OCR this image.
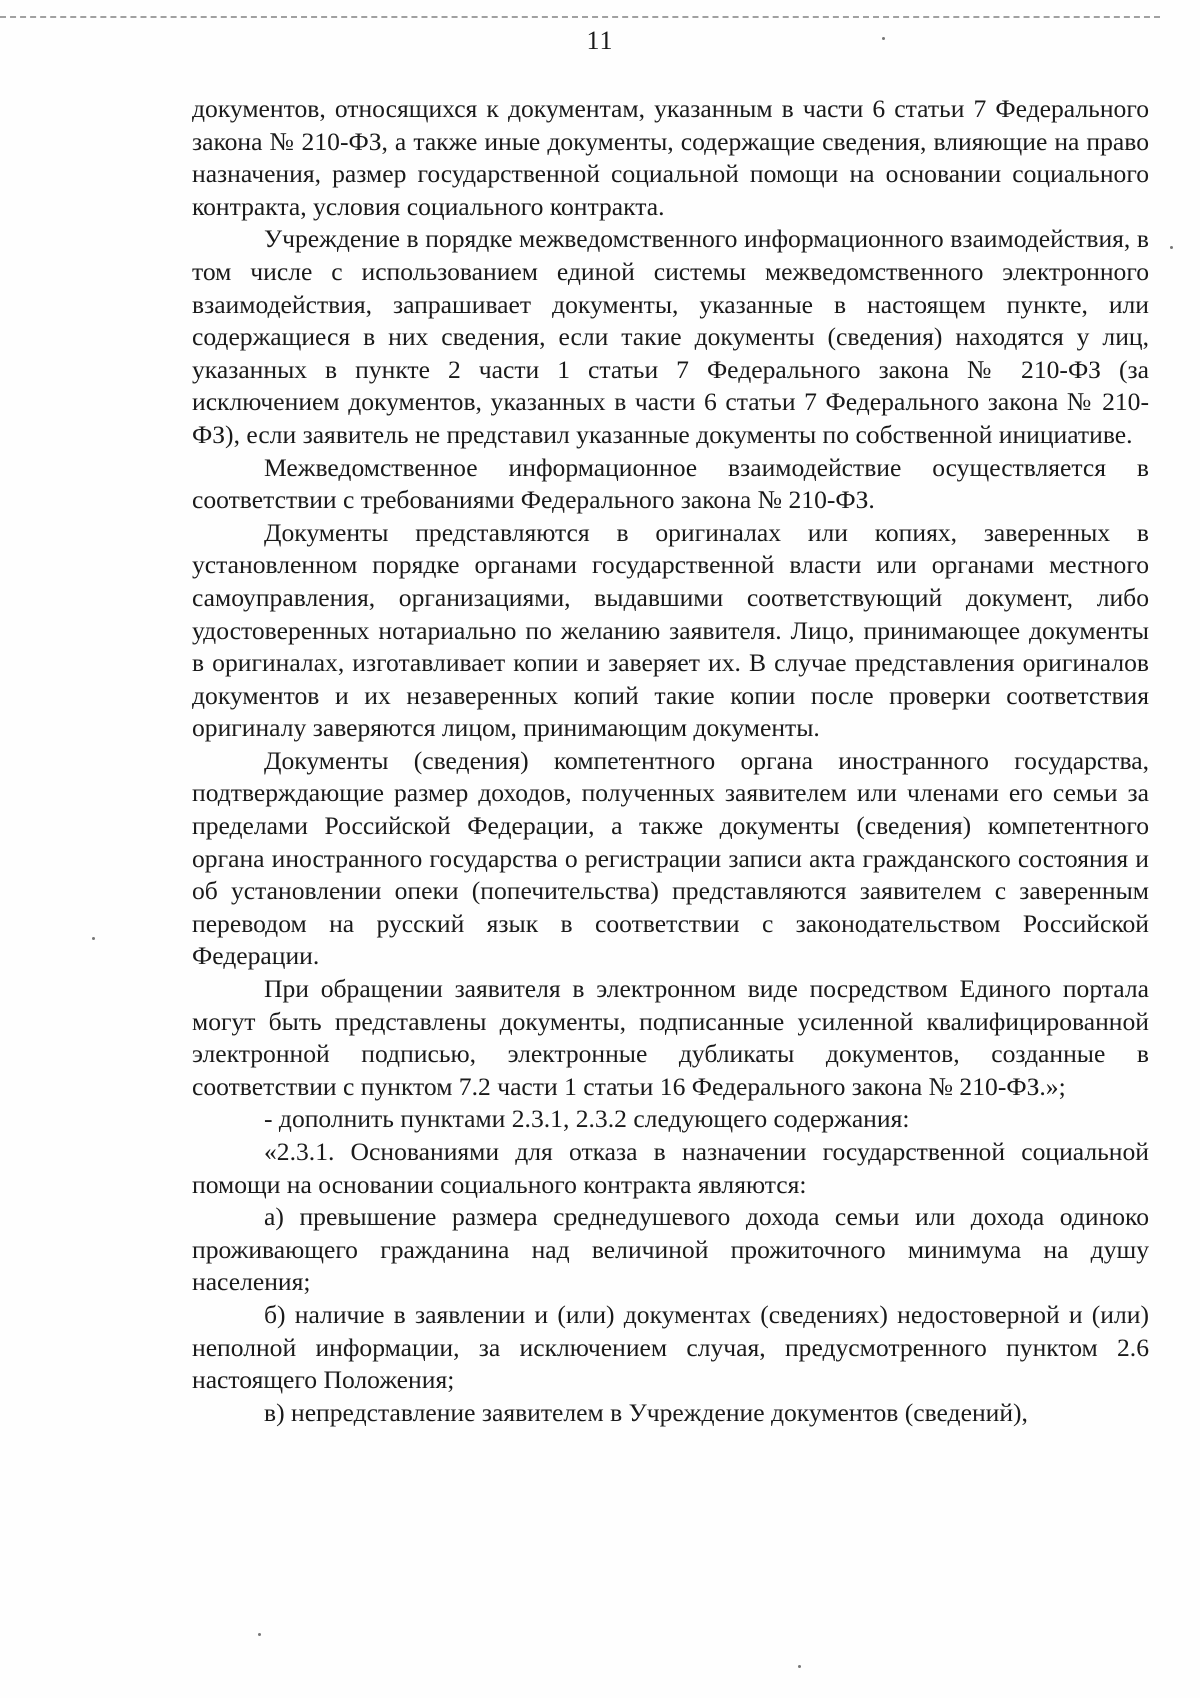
11

документов, относящихся к документам, указанным в части 6 статьи 7 Федерального закона № 210-ФЗ, а также иные документы, содержащие сведения, влияющие на право назначения, размер государственной социальной помощи на основании социального контракта, условия социального контракта.

Учреждение в порядке межведомственного информационного взаимодействия, в том числе с использованием единой системы межведомственного электронного взаимодействия, запрашивает документы, указанные в настоящем пункте, или содержащиеся в них сведения, если такие документы (сведения) находятся у лиц, указанных в пункте 2 части 1 статьи 7 Федерального закона № 210-ФЗ (за исключением документов, указанных в части 6 статьи 7 Федерального закона № 210-ФЗ), если заявитель не представил указанные документы по собственной инициативе.

Межведомственное информационное взаимодействие осуществляется в соответствии с требованиями Федерального закона № 210-ФЗ.

Документы представляются в оригиналах или копиях, заверенных в установленном порядке органами государственной власти или органами местного самоуправления, организациями, выдавшими соответствующий документ, либо удостоверенных нотариально по желанию заявителя. Лицо, принимающее документы в оригиналах, изготавливает копии и заверяет их. В случае представления оригиналов документов и их незаверенных копий такие копии после проверки соответствия оригиналу заверяются лицом, принимающим документы.

Документы (сведения) компетентного органа иностранного государства, подтверждающие размер доходов, полученных заявителем или членами его семьи за пределами Российской Федерации, а также документы (сведения) компетентного органа иностранного государства о регистрации записи акта гражданского состояния и об установлении опеки (попечительства) представляются заявителем с заверенным переводом на русский язык в соответствии с законодательством Российской Федерации.

При обращении заявителя в электронном виде посредством Единого портала могут быть представлены документы, подписанные усиленной квалифицированной электронной подписью, электронные дубликаты документов, созданные в соответствии с пунктом 7.2 части 1 статьи 16 Федерального закона № 210-ФЗ.»;

- дополнить пунктами 2.3.1, 2.3.2 следующего содержания:

«2.3.1. Основаниями для отказа в назначении государственной социальной помощи на основании социального контракта являются:

а) превышение размера среднедушевого дохода семьи или дохода одиноко проживающего гражданина над величиной прожиточного минимума на душу населения;

б) наличие в заявлении и (или) документах (сведениях) недостоверной и (или) неполной информации, за исключением случая, предусмотренного пунктом 2.6 настоящего Положения;

в) непредставление заявителем в Учреждение документов (сведений),
